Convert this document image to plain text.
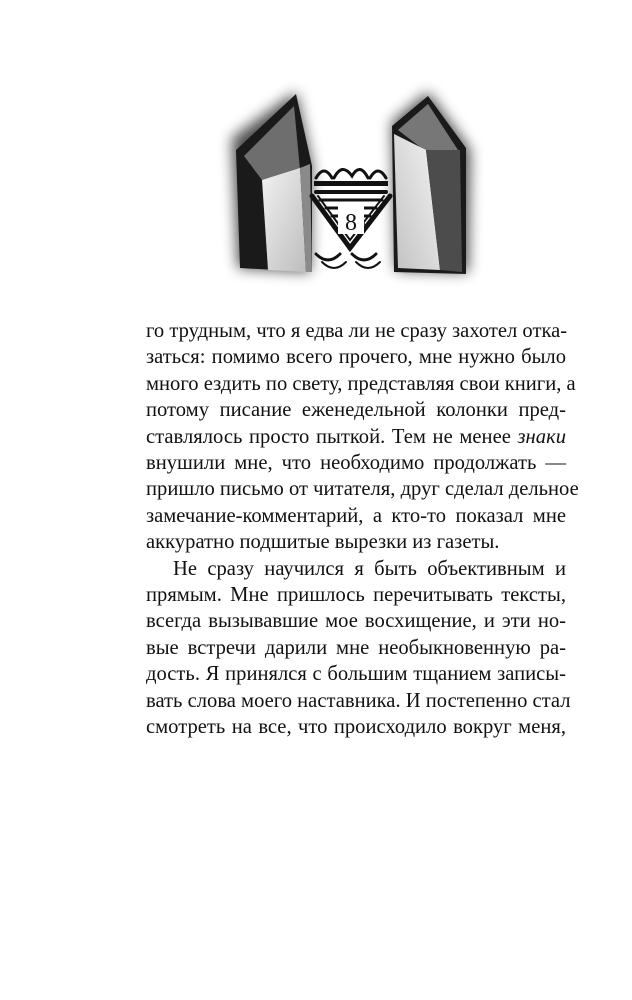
8
го трудным, что я едва ли не сразу захотел отка-
заться: помимо всего прочего, мне нужно было
много ездить по свету, представляя свои книги, а
потому писание еженедельной колонки пред-
ставлялось просто пыткой. Тем не менее знаки
внушили мне, что необходимо продолжать —
пришло письмо от читателя, друг сделал дельное
замечание-комментарий, а кто-то показал мне
аккуратно подшитые вырезки из газеты.
Не сразу научился я быть объективным и
прямым. Мне пришлось перечитывать тексты,
всегда вызывавшие мое восхищение, и эти но-
вые встречи дарили мне необыкновенную ра-
дость. Я принялся с большим тщанием записы-
вать слова моего наставника. И постепенно стал
смотреть на все, что происходило вокруг меня,
